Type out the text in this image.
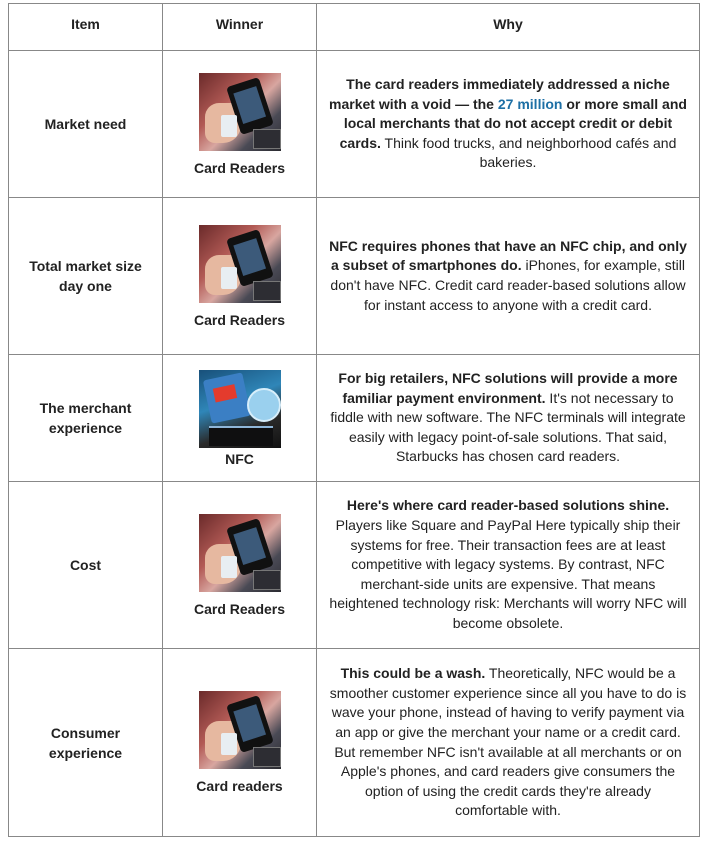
Item	Winner	Why
Market need
Card Readers
The card readers immediately addressed a niche market with a void — the 27 million or more small and local merchants that do not accept credit or debit cards. Think food trucks, and neighborhood cafés and bakeries.
Total market size day one
Card Readers
NFC requires phones that have an NFC chip, and only a subset of smartphones do. iPhones, for example, still don't have NFC. Credit card reader-based solutions allow for instant access to anyone with a credit card.
The merchant experience
NFC
For big retailers, NFC solutions will provide a more familiar payment environment. It's not necessary to fiddle with new software. The NFC terminals will integrate easily with legacy point-of-sale solutions. That said, Starbucks has chosen card readers.
Cost
Card Readers
Here's where card reader-based solutions shine. Players like Square and PayPal Here typically ship their systems for free. Their transaction fees are at least competitive with legacy systems. By contrast, NFC merchant-side units are expensive. That means heightened technology risk: Merchants will worry NFC will become obsolete.
Consumer experience
Card readers
This could be a wash. Theoretically, NFC would be a smoother customer experience since all you have to do is wave your phone, instead of having to verify payment via an app or give the merchant your name or a credit card. But remember NFC isn't available at all merchants or on Apple's phones, and card readers give consumers the option of using the credit cards they're already comfortable with.
